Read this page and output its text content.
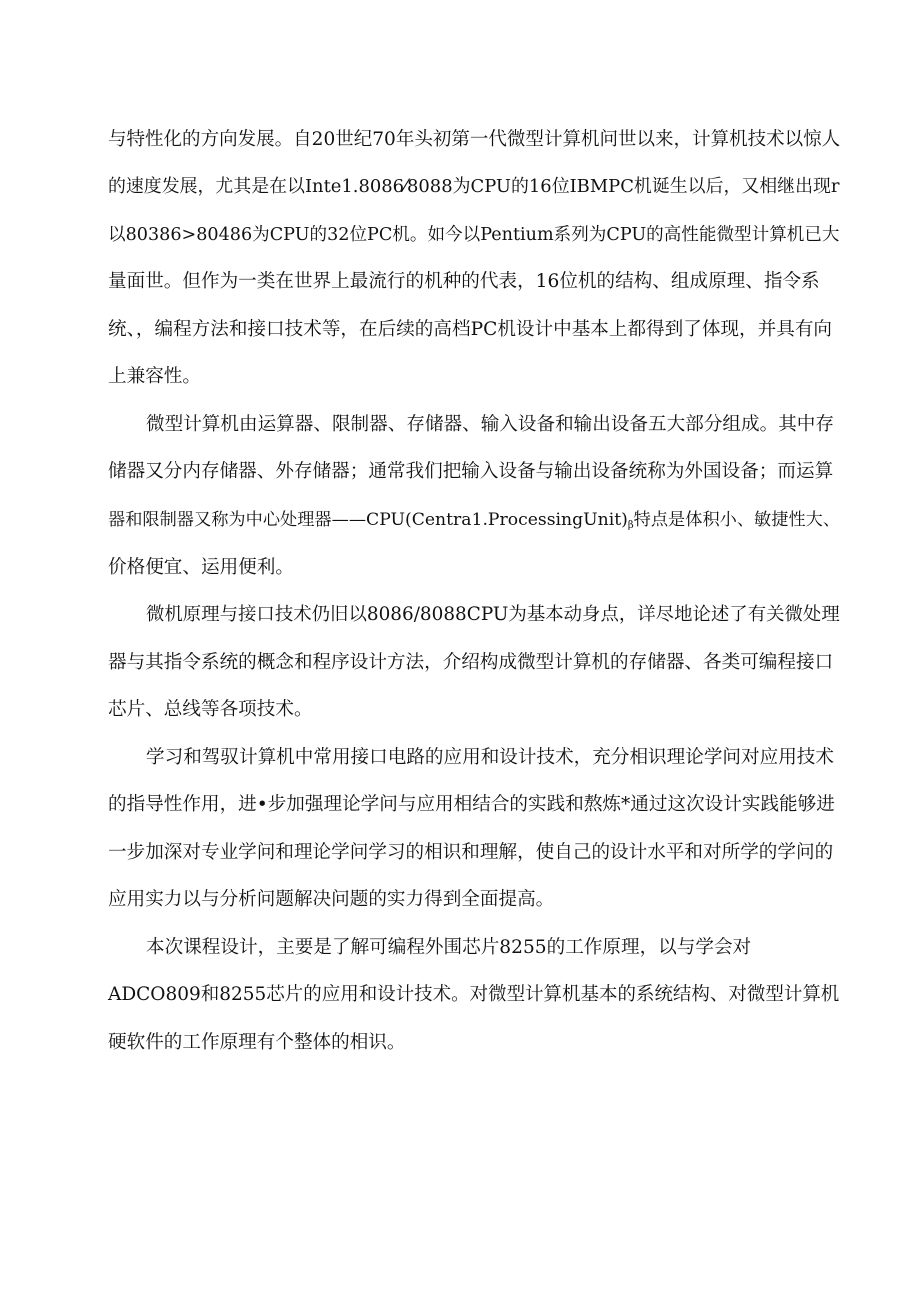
与特性化的方向发展。自20世纪70年头初第一代微型计算机问世以来，计算机技术以惊人

的速度发展，尤其是在以Inte1.8086⁄8088为CPU的16位IBMPC机诞生以后，又相继出现r

以80386>80486为CPU的32位PC机。如今以Pentium系列为CPU的高性能微型计算机已大

量面世。但作为一类在世界上最流行的机种的代表，16位机的结构、组成原理、指令系

统、，编程方法和接口技术等，在后续的高档PC机设计中基本上都得到了体现，并具有向

上兼容性。

微型计算机由运算器、限制器、存储器、输入设备和输出设备五大部分组成。其中存

储器又分内存储器、外存储器；通常我们把输入设备与输出设备统称为外国设备；而运算

器和限制器又称为中心处理器$——CPU(Centra1.ProcessingUnit)_\beta$特点是体积小、敏捷性大、

价格便宜、运用便利。

微机原理与接口技术仍旧以8086/8088CPU为基本动身点，详尽地论述了有关微处理

器与其指令系统的概念和程序设计方法，介绍构成微型计算机的存储器、各类可编程接口

芯片、总线等各项技术。

学习和驾驭计算机中常用接口电路的应用和设计技术，充分相识理论学问对应用技术

的指导性作用，进•步加强理论学问与应用相结合的实践和熬炼*通过这次设计实践能够进

一步加深对专业学问和理论学问学习的相识和理解，使自己的设计水平和对所学的学问的

应用实力以与分析问题解决问题的实力得到全面提高。

本次课程设计，主要是了解可编程外围芯片8255的工作原理，以与学会对

ADCO809和8255芯片的应用和设计技术。对微型计算机基本的系统结构、对微型计算机

硬软件的工作原理有个整体的相识。
